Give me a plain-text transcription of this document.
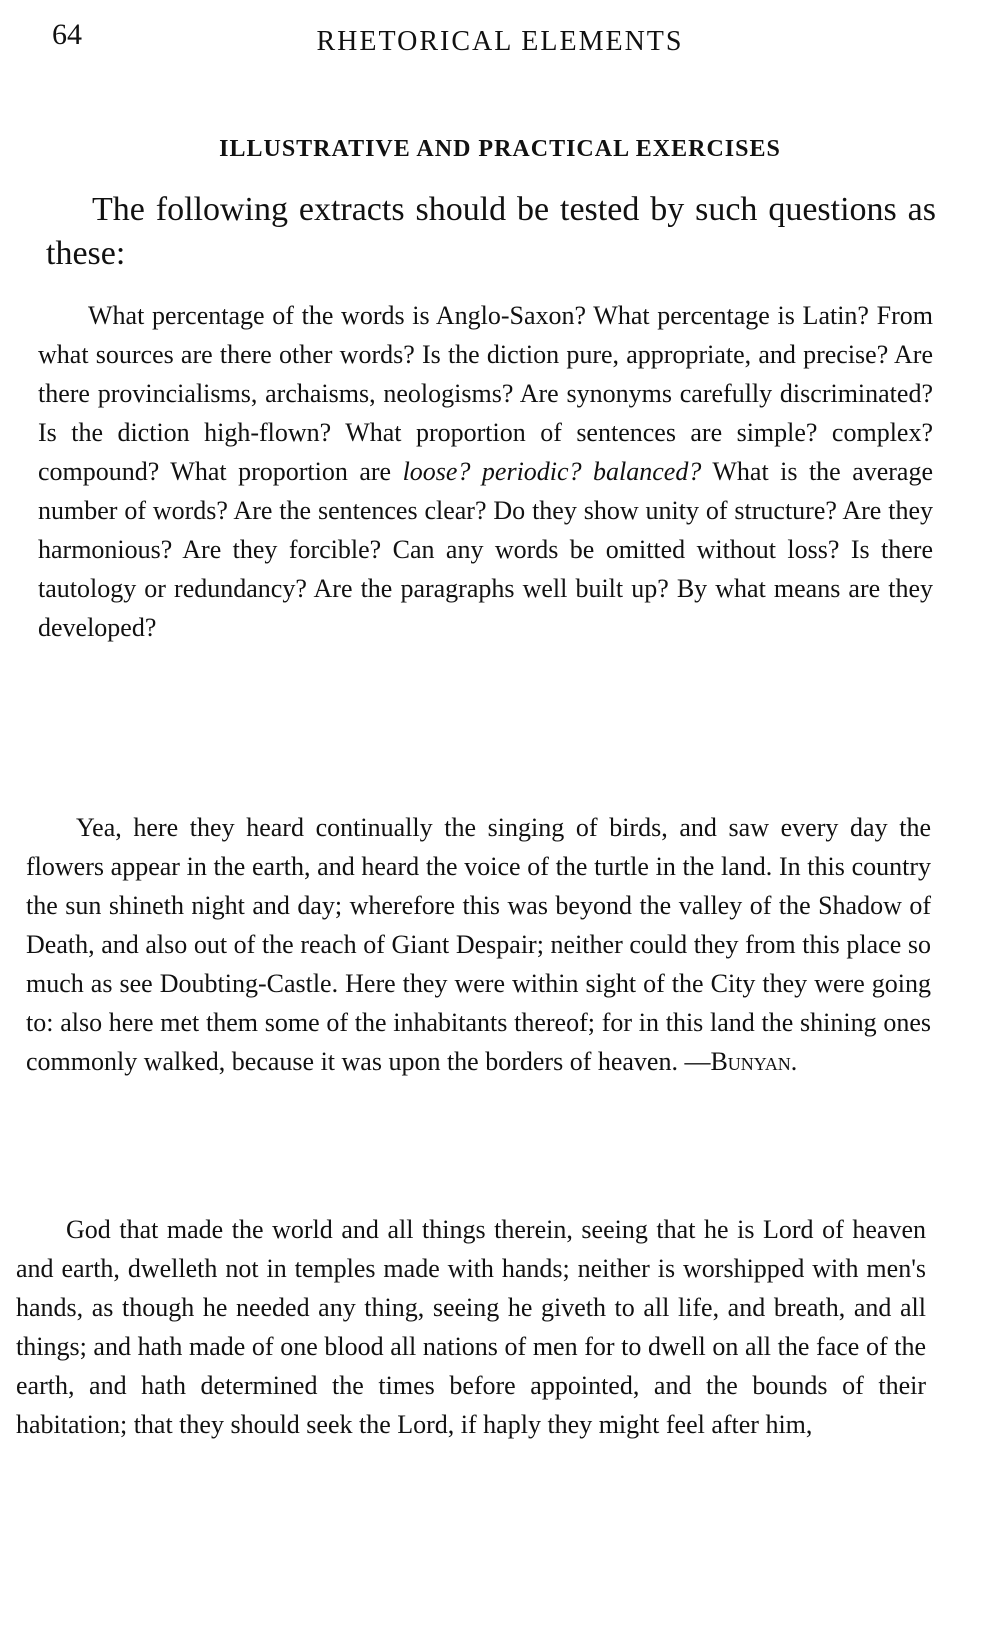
64	RHETORICAL ELEMENTS
ILLUSTRATIVE AND PRACTICAL EXERCISES

The following extracts should be tested by such questions as these:

What percentage of the words is Anglo-Saxon? What percentage is Latin? From what sources are there other words? Is the diction pure, appropriate, and precise? Are there provincialisms, archaisms, neologisms? Are synonyms carefully discriminated? Is the diction high-flown? What proportion of sentences are simple? complex? compound? What proportion are loose? periodic? balanced? What is the average number of words? Are the sentences clear? Do they show unity of structure? Are they harmonious? Are they forcible? Can any words be omitted without loss? Is there tautology or redundancy? Are the paragraphs well built up? By what means are they developed?

Yea, here they heard continually the singing of birds, and saw every day the flowers appear in the earth, and heard the voice of the turtle in the land. In this country the sun shineth night and day; wherefore this was beyond the valley of the Shadow of Death, and also out of the reach of Giant Despair; neither could they from this place so much as see Doubting-Castle. Here they were within sight of the City they were going to: also here met them some of the inhabitants thereof; for in this land the shining ones commonly walked, because it was upon the borders of heaven. —Bunyan.

God that made the world and all things therein, seeing that he is Lord of heaven and earth, dwelleth not in temples made with hands; neither is worshipped with men's hands, as though he needed any thing, seeing he giveth to all life, and breath, and all things; and hath made of one blood all nations of men for to dwell on all the face of the earth, and hath determined the times before appointed, and the bounds of their habitation; that they should seek the Lord, if haply they might feel after him,
